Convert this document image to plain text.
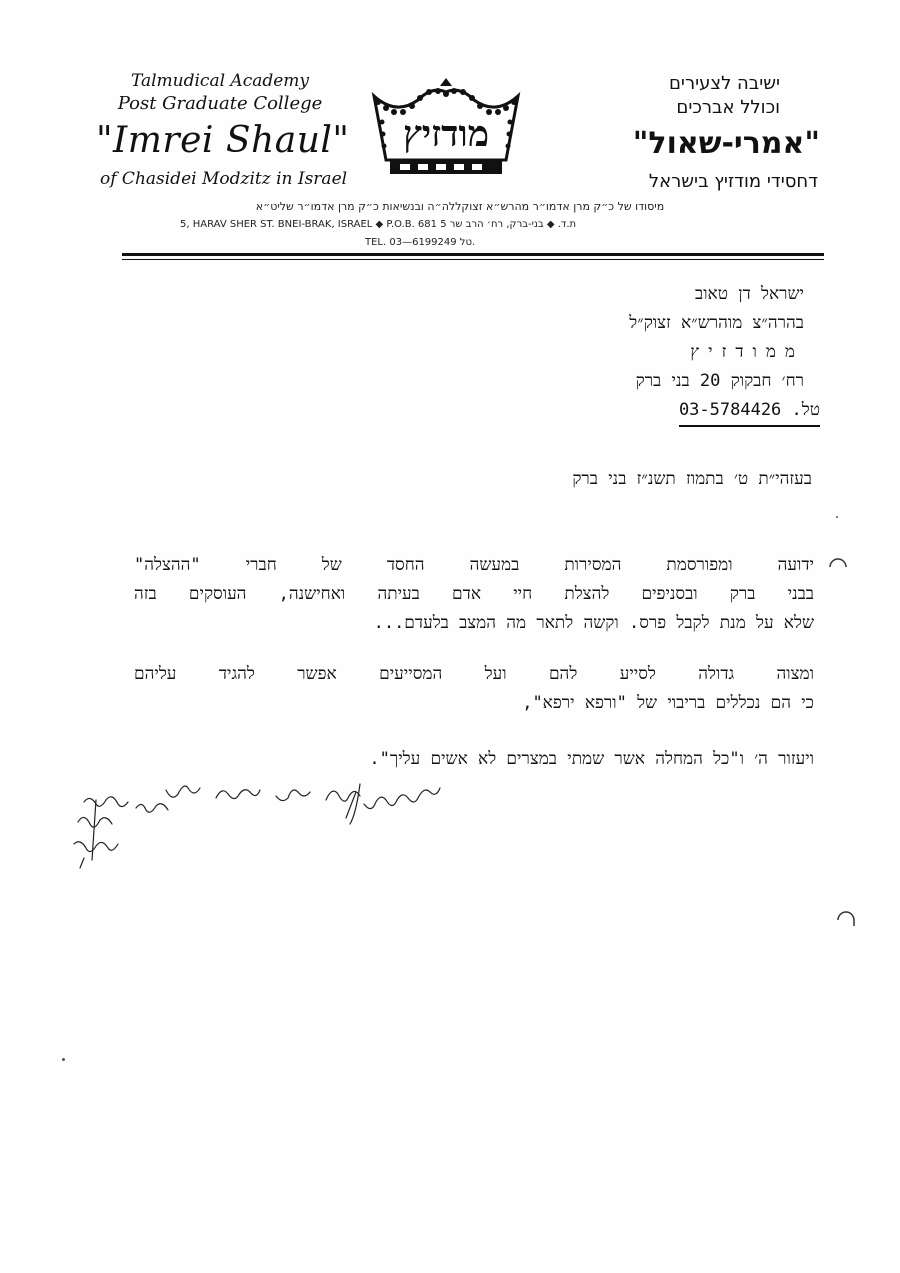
Talmudical Academy
Post Graduate College
"Imrei Shaul"
of Chasidei Modzitz in Israel
מודזיץ
ישיבה לצעירים
וכולל אברכים
"אמרי-שאול"
דחסידי מודזיץ בישראל
מיסודו של כ״ק מרן אדמו״ר מהרש״א זצוקללה״ה ובנשיאות כ״ק מרן אדמו״ר שליט״א
5, HARAV SHER ST. BNEI-BRAK, ISRAEL ◆ P.O.B. 681 ת.ד. ◆ בני-ברק, רח׳ הרב שר 5
TEL. 03—6199249 טל.
ישראל דן טאוב
בהרה״צ מוהרש״א זצוק״ל
ממודזיץ
רח׳ חבקוק 20 בני ברק
טל. 03-5784426
בעזהי״ת ט׳ בתמוז תשנ״ז בני ברק
ידועה ומפורסמת המסירות במעשה החסד של חברי "ההצלה"
בבני ברק ובסניפים להצלת חיי אדם בעיתה ואחישנה, העוסקים בזה
שלא על מנת לקבל פרס. וקשה לתאר מה המצב בלעדם...
ומצוה גדולה לסייע להם ועל המסייעים אפשר להגיד עליהם
כי הם נכללים בריבוי של "ורפא ירפא",
ויעזור ה׳ ו"כל המחלה אשר שמתי במצרים לא אשים עליך".
